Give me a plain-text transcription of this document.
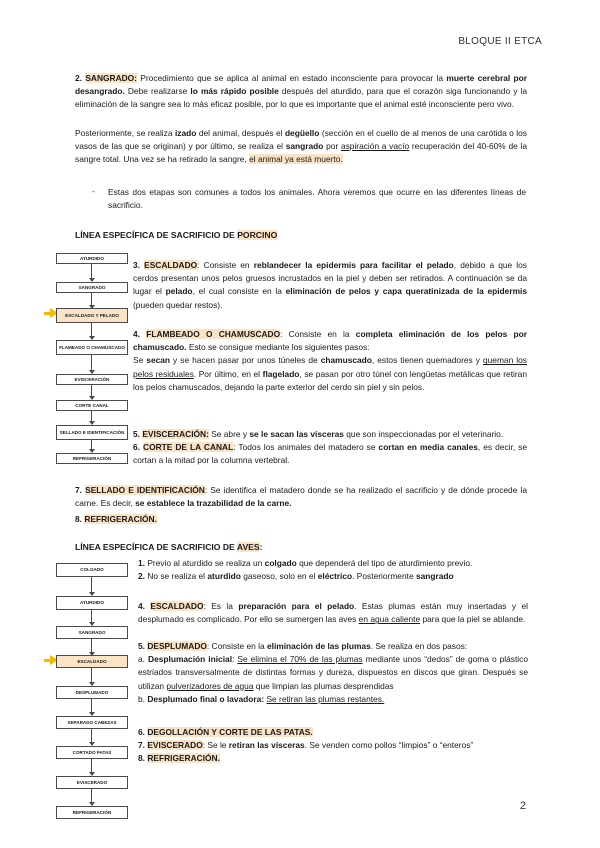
BLOQUE II ETCA
2. SANGRADO: Procedimiento que se aplica al animal en estado inconsciente para provocar la muerte cerebral por desangrado. Debe realizarse lo más rápido posible después del aturdido, para que el corazón siga funcionando y la eliminación de la sangre sea lo más eficaz posible, por lo que es importante que el animal esté inconsciente pero vivo.
Posteriormente, se realiza izado del animal, después el degüello (sección en el cuello de al menos de una carótida o los vasos de las que se originan) y por último, se realiza el sangrado por aspiración a vacío recuperación del 40-60% de la sangre total. Una vez se ha retirado la sangre, el animal ya está muerto.
- Estas dos etapas son comunes a todos los animales. Ahora veremos que ocurre en las diferentes líneas de sacrificio.
LÍNEA ESPECÍFICA DE SACRIFICIO DE PORCINO
ATURDIDO
SANGRADO
ESCALDADO Y PELADO
FLAMEADO O CHAMUSCADO
EVISCERACIÓN
CORTE CANAL
SELLADO E IDENTIFICACIÓN
REFRIGERACIÓN
3. ESCALDADO: Consiste en reblandecer la epidermis para facilitar el pelado, debido a que los cerdos presentan unos pelos gruesos incrustados en la piel y deben ser retirados. A continuación se da lugar el pelado, el cual consiste en la eliminación de pelos y capa queratinizada de la epidermis (pueden quedar restos).
4. FLAMBEADO O CHAMUSCADO: Consiste en la completa eliminación de los pelos por chamuscado. Esto se consigue mediante los siguientes pasos:
Se secan y se hacen pasar por unos túneles de chamuscado, estos tienen quemadores y queman los pelos residuales. Por último, en el flagelado, se pasan por otro túnel con lengüetas metálicas que retiran los pelos chamuscados, dejando la parte exterior del cerdo sin piel y sin pelos.
5. EVISCERACIÓN: Se abre y se le sacan las vísceras que son inspeccionadas por el veterinario.
6. CORTE DE LA CANAL: Todos los animales del matadero se cortan en media canales, es decir, se cortan a la mitad por la columna vertebral.
7. SELLADO E IDENTIFICACIÓN: Se identifica el matadero donde se ha realizado el sacrificio y de dónde procede la carne. Es decir, se establece la trazabilidad de la carne.
8. REFRIGERACIÓN.
LÍNEA ESPECÍFICA DE SACRIFICIO DE AVES:
COLGADO
ATURDIDO
SANGRADO
ESCALDADO
DESPLUMADO
SEPARADO CABEZAS
CORTADO PATAS
EVISCERADO
REFRIGERACIÓN
1. Previo al aturdido se realiza un colgado que dependerá del tipo de aturdimiento previo.
2. No se realiza el aturdido gaseoso, solo en el eléctrico. Posteriormente sangrado
4. ESCALDADO: Es la preparación para el pelado. Estas plumas están muy insertadas y el desplumado es complicado. Por ello se sumergen las aves en agua caliente para que la piel se ablande.
5. DESPLUMADO: Consiste en la eliminación de las plumas. Se realiza en dos pasos:
a. Desplumación inicial: Se elimina el 70% de las plumas mediante unos “dedos” de goma o plástico estriados transversalmente de distintas formas y dureza, dispuestos en discos que giran. Después se utilizan pulverizadores de agua que limpian las plumas desprendidas
b. Desplumado final o lavadora: Se retiran las plumas restantes.
6. DEGOLLACIÓN Y CORTE DE LAS PATAS.
7. EVISCERADO: Se le retiran las vísceras. Se venden como pollos “limpios” o “enteros”
8. REFRIGERACIÓN.
2
